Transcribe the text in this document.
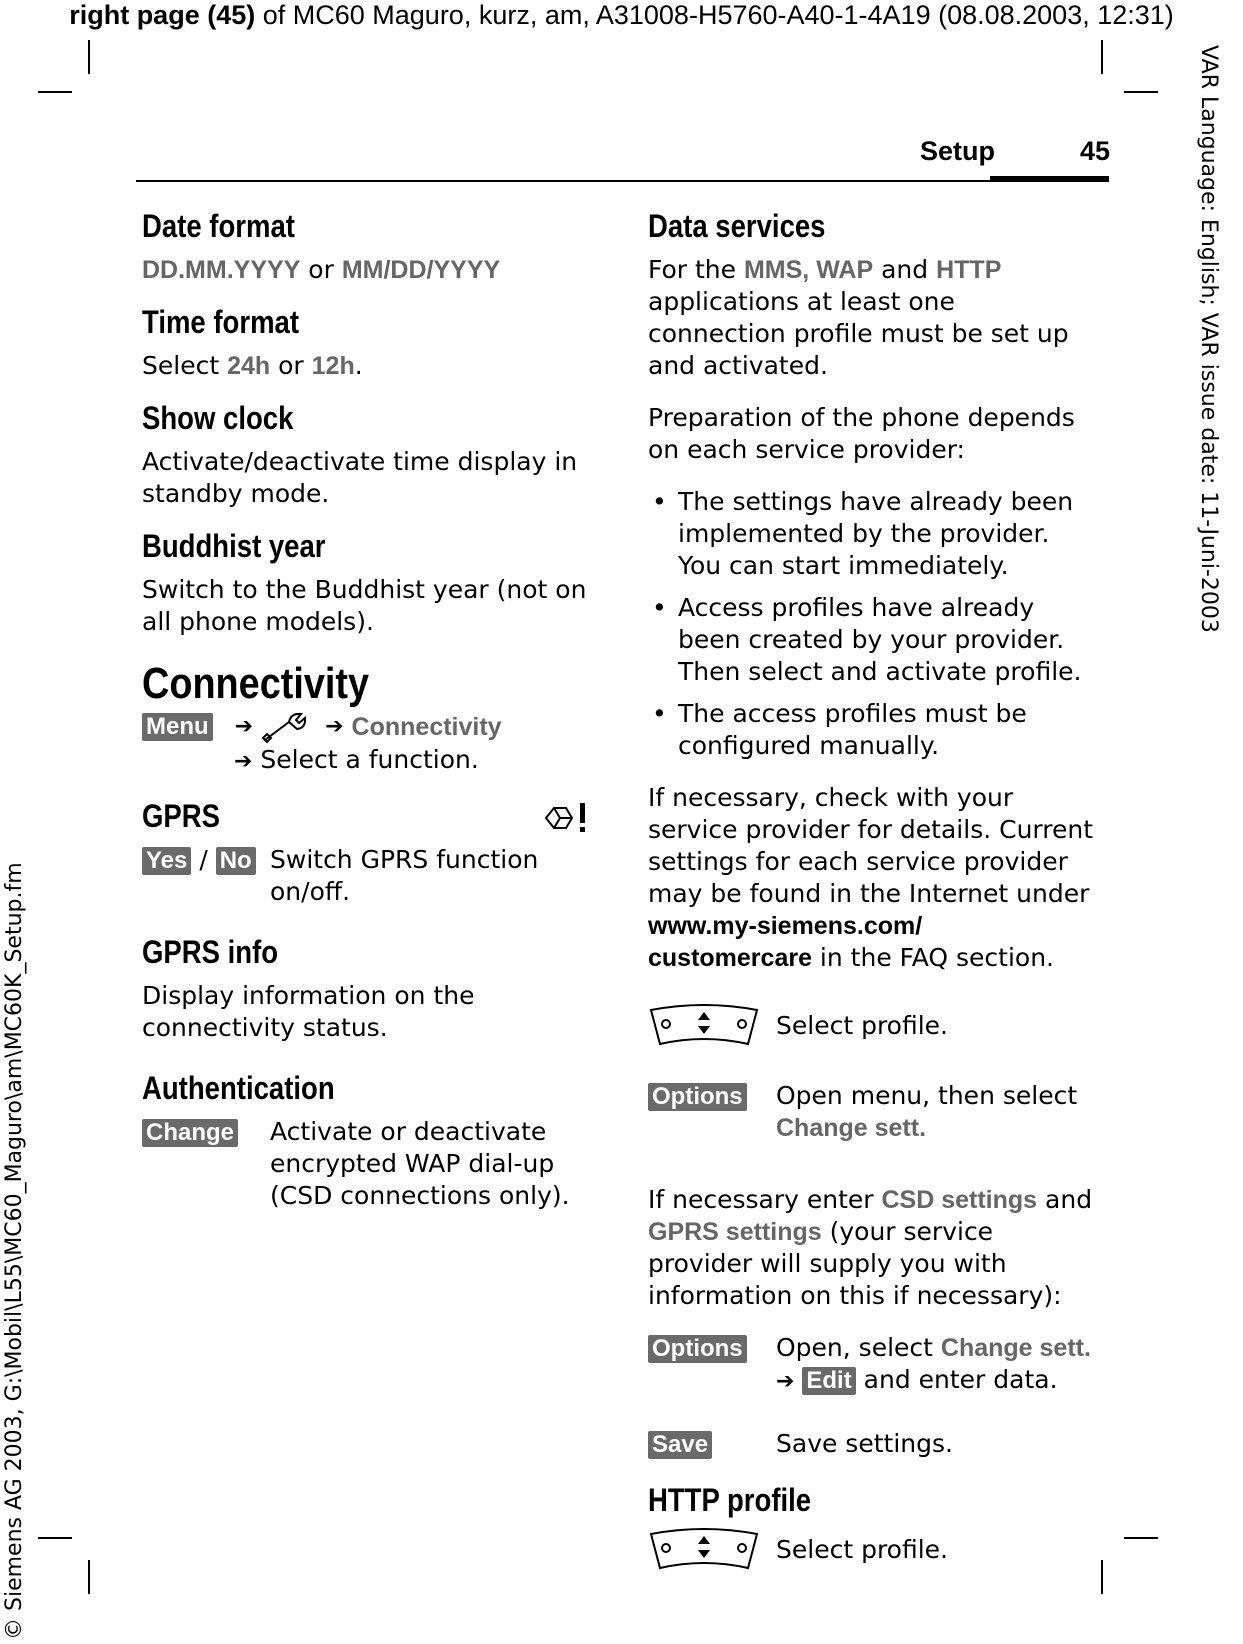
right page (45) of MC60 Maguro, kurz, am, A31008-H5760-A40-1-4A19 (08.08.2003, 12:31)
VAR Language: English; VAR issue date: 11-Juni-2003
© Siemens AG 2003, G:\Mobil\L55\MC60_Maguro\am\MC60K_Setup.fm
Setup	45
Date format

DD.MM.YYYY or MM/DD/YYYY

Time format

Select 24h or 12h.

Show clock

Activate/deactivate time display in standby mode.

Buddhist year

Switch to the Buddhist year (not on all phone models).

Connectivity
Menu ➔	➔ Connectivity
➔ Select a function.
GPRS
Yes / No Switch GPRS function on/off.
GPRS info

Display information on the connectivity status.

Authentication
Change	Activate or deactivate encrypted WAP dial-up (CSD connections only).
Data services

For the MMS, WAP and HTTP applications at least one connection profile must be set up and activated.

Preparation of the phone depends on each service provider:

• The settings have already been implemented by the provider. You can start immediately.
• Access profiles have already been created by your provider. Then select and activate profile.
• The access profiles must be configured manually.

If necessary, check with your service provider for details. Current settings for each service provider may be found in the Internet under
www.my-siemens.com/
customercare in the FAQ section.

Select profile.
Options	Open menu, then select
Change sett.

If necessary enter CSD settings and GPRS settings (your service provider will supply you with information on this if necessary):

Options	Open, select Change sett.
➔ Edit and enter data.
Save	Save settings.
HTTP profile
Select profile.
